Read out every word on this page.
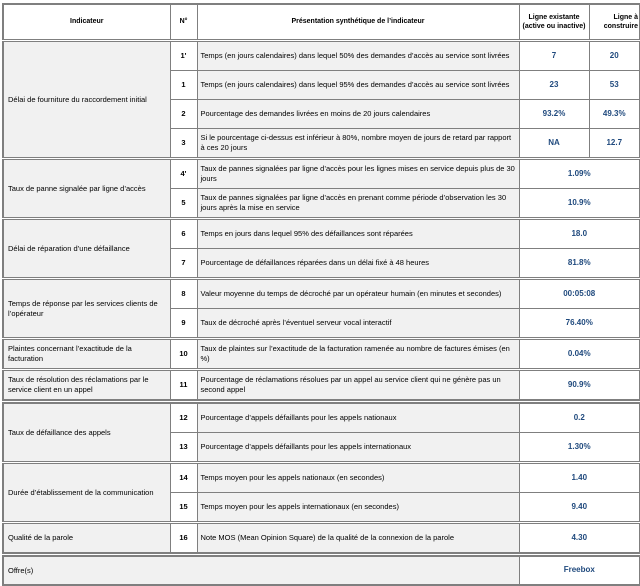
Indicateur	N°	Présentation synthétique de l’indicateur	Ligne existante (active ou inactive)	Ligne à construire
Délai de fourniture du raccordement initial	1'	Temps (en jours calendaires) dans lequel 50% des demandes d’accès au service sont livrées	7	20
	1	Temps (en jours calendaires) dans lequel 95% des demandes d’accès au service sont livrées	23	53
	2	Pourcentage des demandes livrées en moins de 20 jours calendaires	93.2%	49.3%
	3	Si le pourcentage ci-dessus est inférieur à 80%, nombre moyen de jours de retard par rapport à ces 20 jours	NA	12.7
Taux de panne signalée par ligne d’accès	4'	Taux de pannes signalées par ligne d’accès pour les lignes mises en service depuis plus de 30 jours	1.09%	
	5	Taux de pannes signalées par ligne d’accès en prenant comme période d’observation les 30 jours après la mise en service	10.9%	
Délai de réparation d’une défaillance	6	Temps en jours dans lequel 95% des défaillances sont réparées	18.0	
	7	Pourcentage de défaillances réparées dans un délai fixé à 48 heures	81.8%	
Temps de réponse par les services clients de l’opérateur	8	Valeur moyenne du temps de décroché par un opérateur humain (en minutes et secondes)	00:05:08	
	9	Taux de décroché après l’éventuel serveur vocal interactif	76.40%	
Plaintes concernant l’exactitude de la facturation	10	Taux de plaintes sur l’exactitude de la facturation ramenée au nombre de factures émises (en %)	0.04%	
Taux de résolution des réclamations par le service client en un appel	11	Pourcentage de réclamations résolues par un appel au service client qui ne génère pas un second appel	90.9%	
Taux de défaillance des appels	12	Pourcentage d’appels défaillants pour les appels nationaux	0.2	
	13	Pourcentage d’appels défaillants pour les appels internationaux	1.30%	
Durée d’établissement de la communication	14	Temps moyen pour les appels nationaux (en secondes)	1.40	
	15	Temps moyen pour les appels internationaux (en secondes)	9.40	
Qualité de la parole	16	Note MOS (Mean Opinion Square) de la qualité de la connexion de la parole	4.30	
Offre(s)			Freebox	
